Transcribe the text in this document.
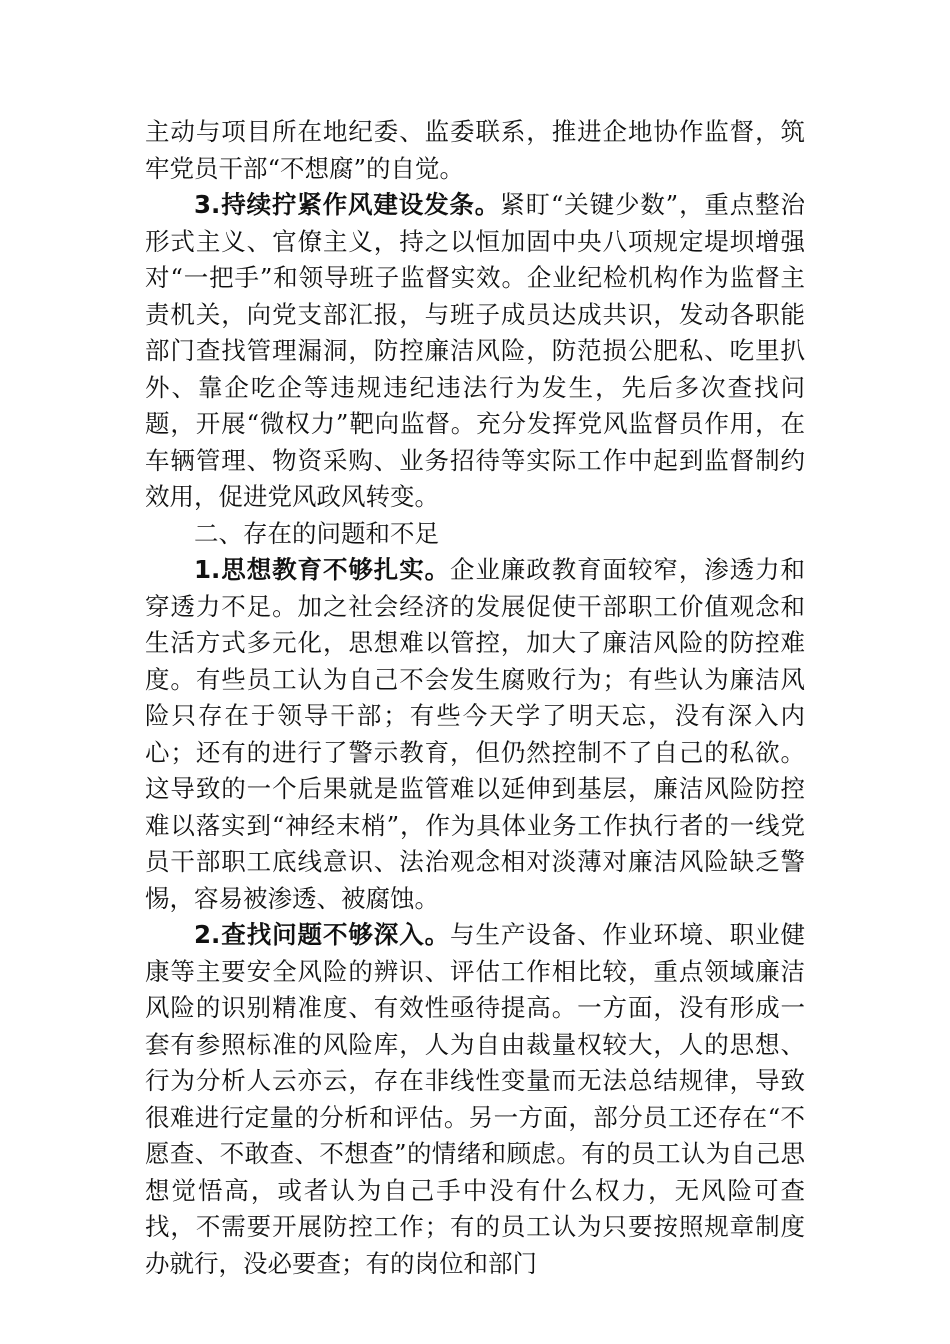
主动与项目所在地纪委、监委联系，推进企地协作监督，筑牢党员干部“不想腐”的自觉。

3.持续拧紧作风建设发条。紧盯“关键少数”，重点整治形式主义、官僚主义，持之以恒加固中央八项规定堤坝增强对“一把手”和领导班子监督实效。企业纪检机构作为监督主责机关，向党支部汇报，与班子成员达成共识，发动各职能部门查找管理漏洞，防控廉洁风险，防范损公肥私、吃里扒外、靠企吃企等违规违纪违法行为发生，先后多次查找问题，开展“微权力”靶向监督。充分发挥党风监督员作用，在车辆管理、物资采购、业务招待等实际工作中起到监督制约效用，促进党风政风转变。

二、存在的问题和不足

1.思想教育不够扎实。企业廉政教育面较窄，渗透力和穿透力不足。加之社会经济的发展促使干部职工价值观念和生活方式多元化，思想难以管控，加大了廉洁风险的防控难度。有些员工认为自己不会发生腐败行为；有些认为廉洁风险只存在于领导干部；有些今天学了明天忘，没有深入内心；还有的进行了警示教育，但仍然控制不了自己的私欲。这导致的一个后果就是监管难以延伸到基层，廉洁风险防控难以落实到“神经末梢”，作为具体业务工作执行者的一线党员干部职工底线意识、法治观念相对淡薄对廉洁风险缺乏警惕，容易被渗透、被腐蚀。

2.查找问题不够深入。与生产设备、作业环境、职业健康等主要安全风险的辨识、评估工作相比较，重点领域廉洁风险的识别精准度、有效性亟待提高。一方面，没有形成一套有参照标准的风险库，人为自由裁量权较大，人的思想、行为分析人云亦云，存在非线性变量而无法总结规律，导致很难进行定量的分析和评估。另一方面，部分员工还存在“不愿查、不敢查、不想查”的情绪和顾虑。有的员工认为自己思想觉悟高，或者认为自己手中没有什么权力，无风险可查找，不需要开展防控工作；有的员工认为只要按照规章制度办就行，没必要查；有的岗位和部门
